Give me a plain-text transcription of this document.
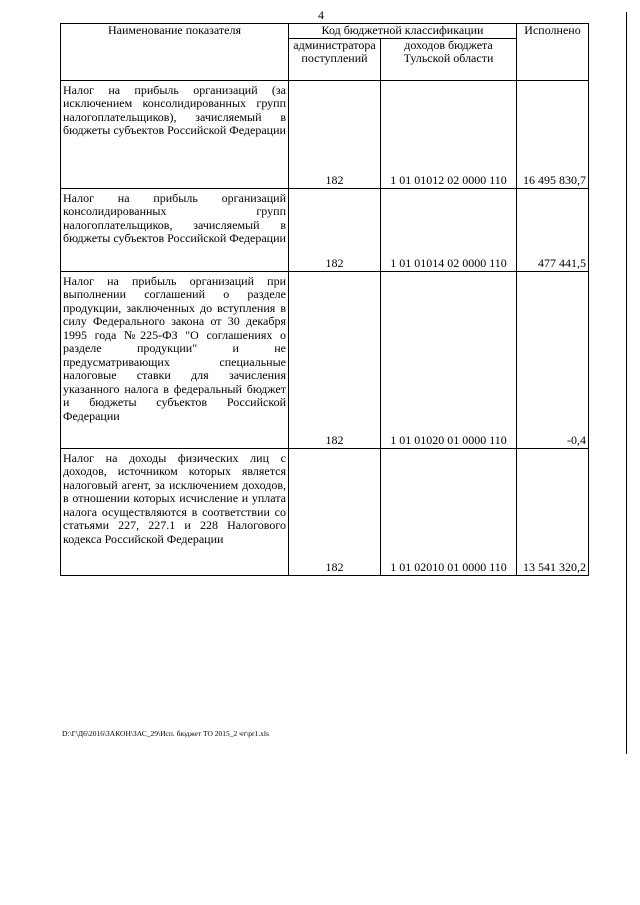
4
Наименование показателя	Код бюджетной классификации		Исполнено
	администратора поступлений	доходов бюджета Тульской области	
Налог на прибыль организаций (за исключением консолидированных групп налогоплательщиков), зачисляемый в бюджеты субъектов Российской Федерации	182	1 01 01012 02 0000 110	16 495 830,7
Налог на прибыль организаций консолидированных групп налогоплательщиков, зачисляемый в бюджеты субъектов Российской Федерации	182	1 01 01014 02 0000 110	477 441,5
Налог на прибыль организаций при выполнении соглашений о разделе продукции, заключенных до вступления в силу Федерального закона от 30 декабря 1995 года №225-ФЗ "О соглашениях о разделе продукции" и не предусматривающих специальные налоговые ставки для зачисления указанного налога в федеральный бюджет и бюджеты субъектов Российской Федерации	182	1 01 01020 01 0000 110	-0,4
Налог на доходы физических лиц с доходов, источником которых является налоговый агент, за исключением доходов, в отношении которых исчисление и уплата налога осуществляются в соответствии со статьями 227, 227.1 и 228 Налогового кодекса Российской Федерации	182	1 01 02010 01 0000 110	13 541 320,2
D:\Г\Д6\2016\ЗАКОН\ЗАС_29\Исп. бюджет ТО 2015_2 чт\pr1.xls
